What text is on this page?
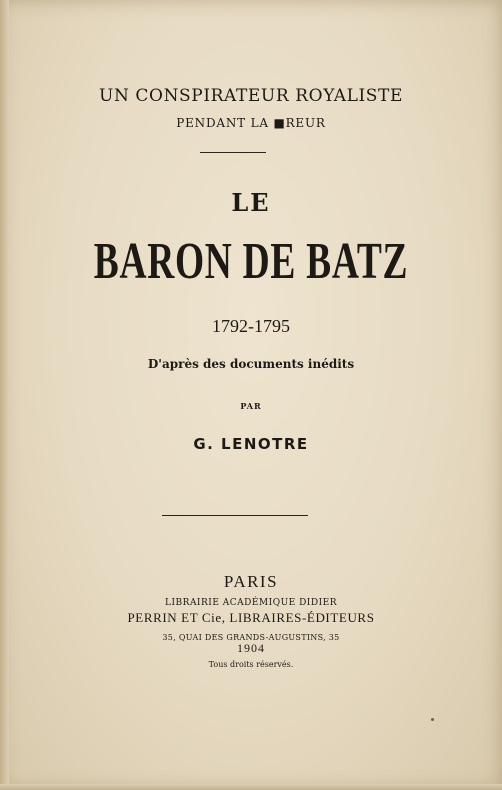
UN CONSPIRATEUR ROYALISTE
PENDANT LA ■REUR
LE
BARON DE BATZ
1792-1795
D'après des documents inédits
PAR
G. LENOTRE
PARIS
LIBRAIRIE ACADÉMIQUE DIDIER
PERRIN ET Cie, LIBRAIRES-ÉDITEURS
35, QUAI DES GRANDS-AUGUSTINS, 35
1904
Tous droits réservés.
